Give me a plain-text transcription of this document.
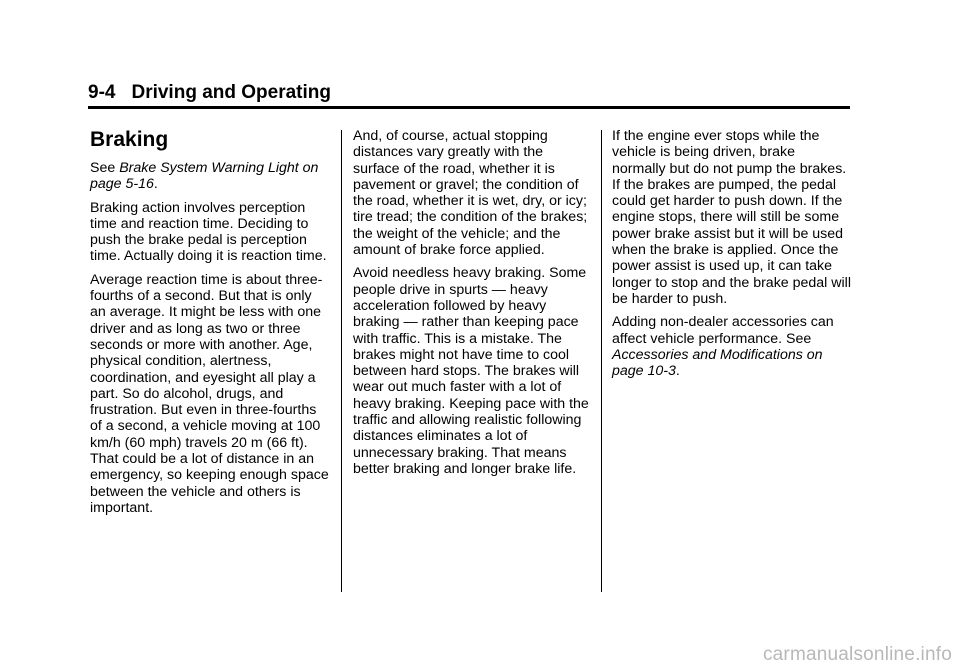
9-4 Driving and Operating
Braking

See Brake System Warning Light on page 5-16.

Braking action involves perception time and reaction time. Deciding to push the brake pedal is perception time. Actually doing it is reaction time.

Average reaction time is about three-fourths of a second. But that is only an average. It might be less with one driver and as long as two or three seconds or more with another. Age, physical condition, alertness, coordination, and eyesight all play a part. So do alcohol, drugs, and frustration. But even in three-fourths of a second, a vehicle moving at 100 km/h (60 mph) travels 20 m (66 ft). That could be a lot of distance in an emergency, so keeping enough space between the vehicle and others is important.

And, of course, actual stopping distances vary greatly with the surface of the road, whether it is pavement or gravel; the condition of the road, whether it is wet, dry, or icy; tire tread; the condition of the brakes; the weight of the vehicle; and the amount of brake force applied.

Avoid needless heavy braking. Some people drive in spurts — heavy acceleration followed by heavy braking — rather than keeping pace with traffic. This is a mistake. The brakes might not have time to cool between hard stops. The brakes will wear out much faster with a lot of heavy braking. Keeping pace with the traffic and allowing realistic following distances eliminates a lot of unnecessary braking. That means better braking and longer brake life.

If the engine ever stops while the vehicle is being driven, brake normally but do not pump the brakes. If the brakes are pumped, the pedal could get harder to push down. If the engine stops, there will still be some power brake assist but it will be used when the brake is applied. Once the power assist is used up, it can take longer to stop and the brake pedal will be harder to push.

Adding non-dealer accessories can affect vehicle performance. See Accessories and Modifications on page 10-3.

carmanualsonline.info
